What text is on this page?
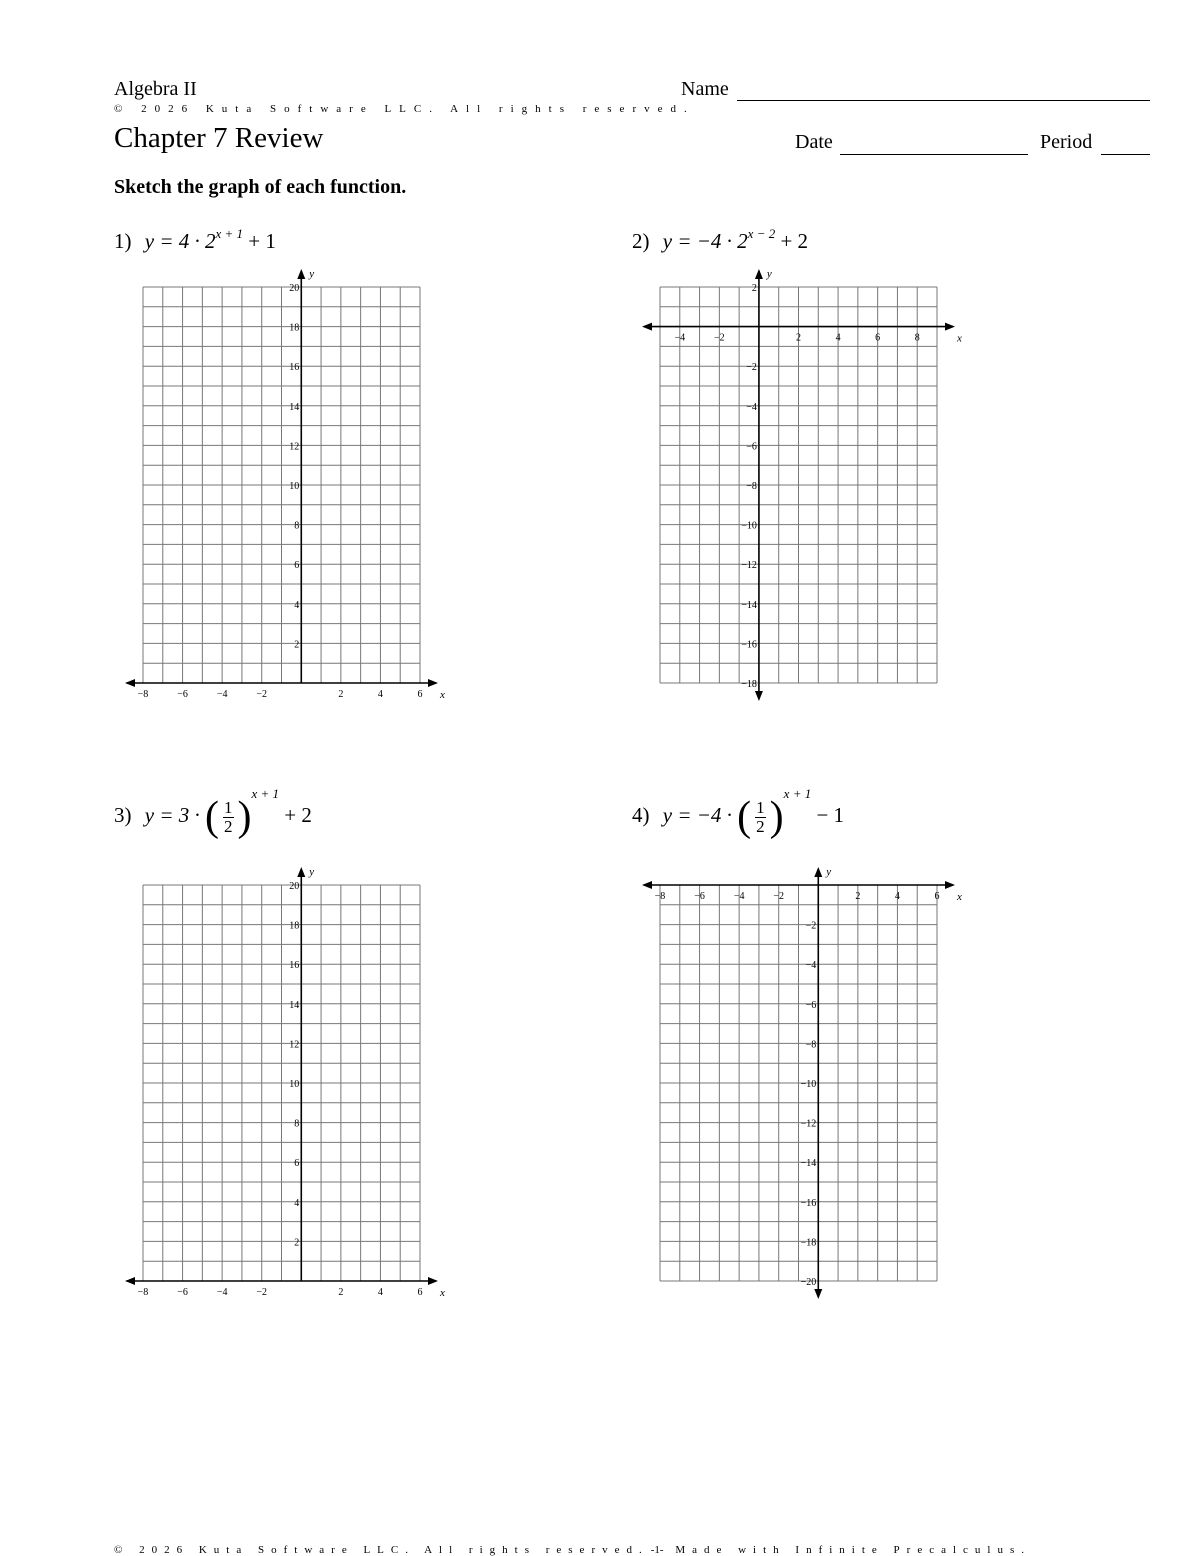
Algebra II	Name
© 2026 Kuta Software LLC. All rights reserved.
Chapter 7 Review	Date	Period
Sketch the graph of each function.
1) $y = 4 \cdot 2^{x + 1} + 1$	2) $y = -4 \cdot 2^{x - 2} + 2$
3) y = 3 · ( $\frac{1}{2} )^{x + 1} + 2$	4) y = −4 · ( $\frac{1}{2} )^{x + 1} - 1$
x
y
−8	−6	−4	−2	2	4	6
2
4
6
8
10
12
14
16
18
20
x
y
−4	−2	2	4	6	8
2
−2
−4
−6
−8
−10
−12
−14
−16
−18
x
y
−8	−6	−4	−2	2	4	6
2
4
6
8
10
12
14
16
18
20
x
y
−8	−6	−4	−2	2	4	6
−2
−4
−6
−8
−10
−12
−14
−16
−18
−20
© 2026 Kuta Software LLC. All rights reserved. -1- Made with Infinite Precalculus.
